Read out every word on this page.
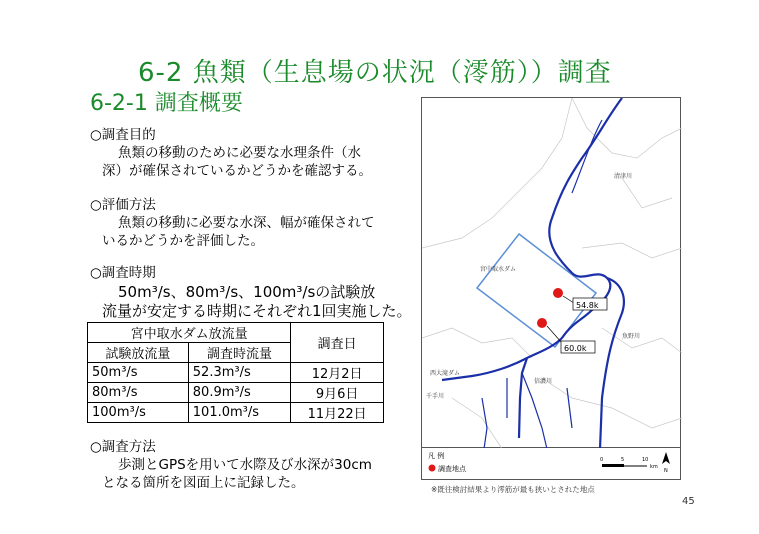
6-2 魚類（生息場の状況（澪筋））調査
6-2-1 調査概要
○調査目的
魚類の移動のために必要な水理条件（水
深）が確保されているかどうかを確認する。
○評価方法
魚類の移動に必要な水深、幅が確保されて
いるかどうかを評価した。
○調査時期
50m³/s、80m³/s、100m³/sの試験放
流量が安定する時期にそれぞれ1回実施した。
宮中取水ダム放流量		調査日
試験放流量	調査時流量	
50m³/s	52.3m³/s	12月2日
80m³/s	80.9m³/s	9月6日
100m³/s	101.0m³/s	11月22日
○調査方法
歩測とGPSを用いて水際及び水深が30cm
となる箇所を図面上に記録した。
54.8k
60.0k
宮中取水ダム
清津川
魚野川
西大滝ダム
千手川
信濃川
凡 例
調査地点
0	5	10
km
N
※既往検討結果より澪筋が最も狭いとされた地点
45
